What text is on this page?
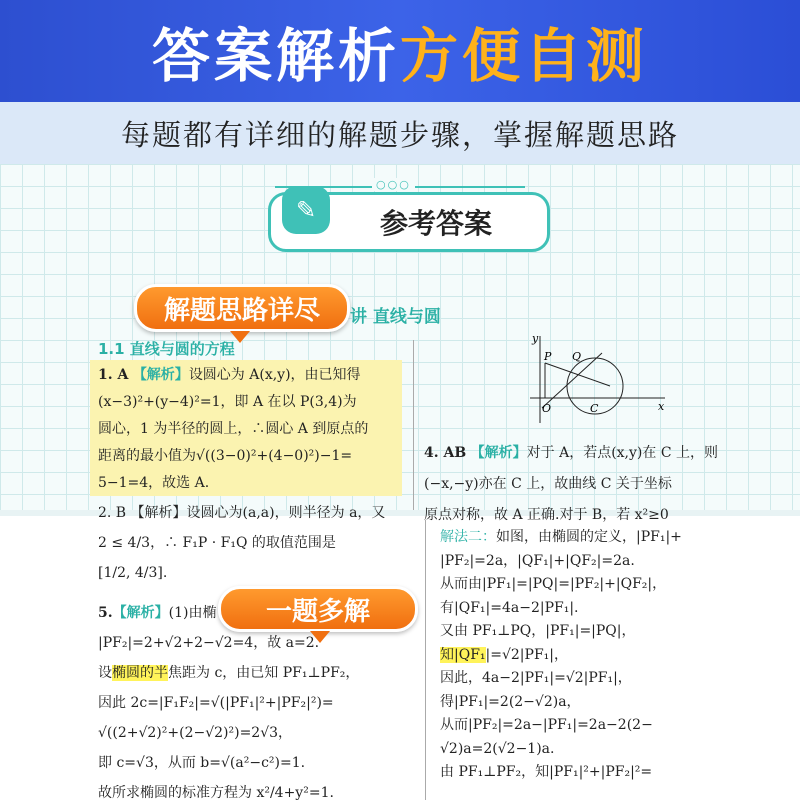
答案解析 方便自测
每题都有详细的解题步骤，掌握解题思路
○○○
✎	参考答案
讲 直线与圆
1.1 直线与圆的方程
1. A 【解析】设圆心为 A(x,y)，由已知得
(x−3)²+(y−4)²=1，即 A 在以 P(3,4)为
圆心，1 为半径的圆上，∴圆心 A 到原点的
距离的最小值为√((3−0)²+(4−0)²)−1=
5−1=4，故选 A.
y
P Q
O	C	x
4. AB 【解析】对于 A，若点(x,y)在 C 上，则
(−x,−y)亦在 C 上，故曲线 C 关于坐标
原点对称，故 A 正确.对于 B，若 x²≥0
2. B 【解析】设圆心为(a,a)，则半径为 a，又
2 ≤ 4/3，∴ F₁P · F₁Q 的取值范围是
[1/2, 4/3].
5.【解析】(1)由椭
|PF₂|=2+√2+2−√2=4，故 a=2.
设椭圆的半焦距为 c，由已知 PF₁⊥PF₂，
因此 2c=|F₁F₂|=√(|PF₁|²+|PF₂|²)=
√((2+√2)²+(2−√2)²)=2√3，
即 c=√3，从而 b=√(a²−c²)=1.
故所求椭圆的标准方程为 x²/4+y²=1.
解法二：如图，由椭圆的定义，|PF₁|+
|PF₂|=2a，|QF₁|+|QF₂|=2a.
从而由|PF₁|=|PQ|=|PF₂|+|QF₂|，
有|QF₁|=4a−2|PF₁|.
又由 PF₁⊥PQ，|PF₁|=|PQ|，
知|QF₁|=√2|PF₁|，
因此，4a−2|PF₁|=√2|PF₁|，
得|PF₁|=2(2−√2)a，
从而|PF₂|=2a−|PF₁|=2a−2(2−
√2)a=2(√2−1)a.
由 PF₁⊥PF₂，知|PF₁|²+|PF₂|²=
解题思路详尽
一题多解
